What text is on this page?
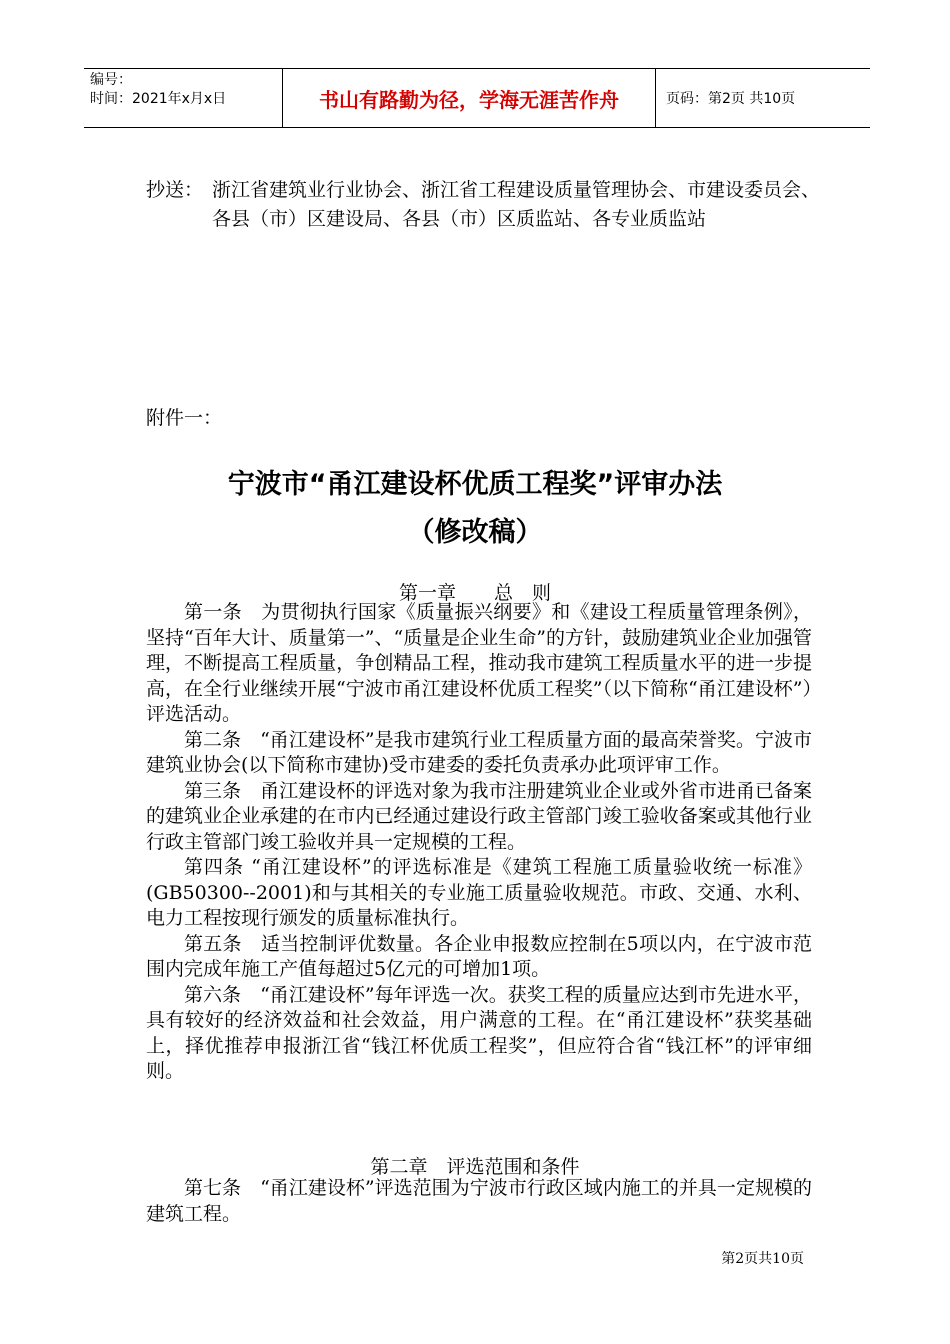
编号：
时间：2021年x月x日	书山有路勤为径，学海无涯苦作舟	页码：第2页 共10页
抄送： 浙江省建筑业行业协会、浙江省工程建设质量管理协会、市建设委员会、各县（市）区建设局、各县（市）区质监站、各专业质监站
附件一：
宁波市“甬江建设杯优质工程奖”评审办法
（修改稿）
第一章　　总　则

第一条　为贯彻执行国家《质量振兴纲要》和《建设工程质量管理条例》，坚持“百年大计、质量第一”、“质量是企业生命”的方针，鼓励建筑业企业加强管理，不断提高工程质量，争创精品工程，推动我市建筑工程质量水平的进一步提高，在全行业继续开展“宁波市甬江建设杯优质工程奖”（以下简称“甬江建设杯”）评选活动。

第二条　“甬江建设杯”是我市建筑行业工程质量方面的最高荣誉奖。宁波市建筑业协会(以下简称市建协)受市建委的委托负责承办此项评审工作。

第三条　甬江建设杯的评选对象为我市注册建筑业企业或外省市进甬已备案的建筑业企业承建的在市内已经通过建设行政主管部门竣工验收备案或其他行业行政主管部门竣工验收并具一定规模的工程。

第四条 “甬江建设杯”的评选标准是《建筑工程施工质量验收统一标准》(GB50300--2001)和与其相关的专业施工质量验收规范。市政、交通、水利、电力工程按现行颁发的质量标准执行。

第五条　适当控制评优数量。各企业申报数应控制在5项以内，在宁波市范围内完成年施工产值每超过5亿元的可增加1项。

第六条　“甬江建设杯”每年评选一次。获奖工程的质量应达到市先进水平，具有较好的经济效益和社会效益，用户满意的工程。在“甬江建设杯”获奖基础上，择优推荐申报浙江省“钱江杯优质工程奖”，但应符合省“钱江杯”的评审细则。

第二章　评选范围和条件

第七条　“甬江建设杯”评选范围为宁波市行政区域内施工的并具一定规模的建筑工程。

第2页共10页
